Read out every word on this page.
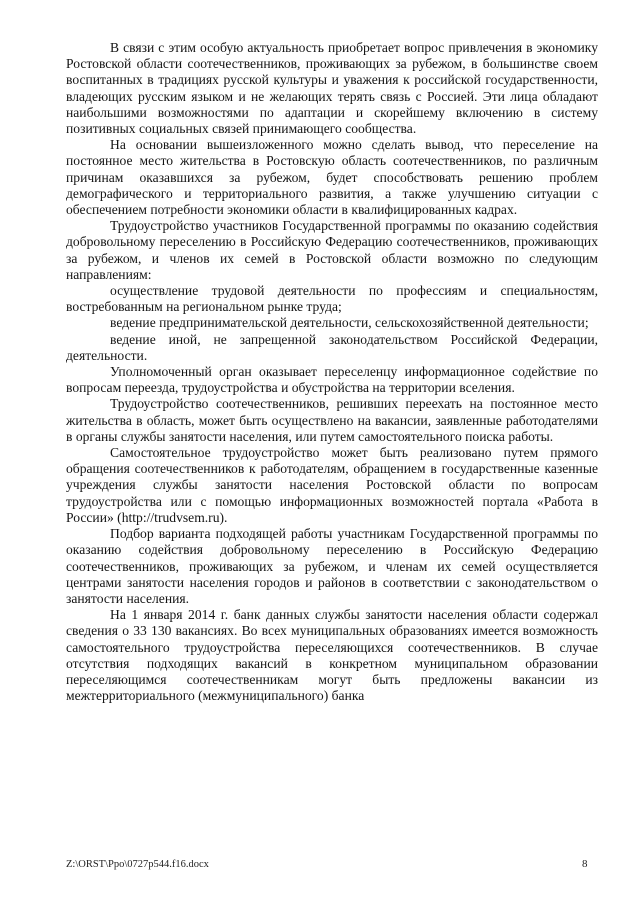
В связи с этим особую актуальность приобретает вопрос привлечения в экономику Ростовской области соотечественников, проживающих за рубежом, в большинстве своем воспитанных в традициях русской культуры и уважения к российской государственности, владеющих русским языком и не желающих терять связь с Россией. Эти лица обладают наибольшими возможностями по адаптации и скорейшему включению в систему позитивных социальных связей принимающего сообщества.

На основании вышеизложенного можно сделать вывод, что переселение на постоянное место жительства в Ростовскую область соотечественников, по различным причинам оказавшихся за рубежом, будет способствовать решению проблем демографического и территориального развития, а также улучшению ситуации с обеспечением потребности экономики области в квалифицированных кадрах.

Трудоустройство участников Государственной программы по оказанию содействия добровольному переселению в Российскую Федерацию соотечественников, проживающих за рубежом, и членов их семей в Ростовской области возможно по следующим направлениям:

осуществление трудовой деятельности по профессиям и специальностям, востребованным на региональном рынке труда;

ведение предпринимательской деятельности, сельскохозяйственной деятельности;

ведение иной, не запрещенной законодательством Российской Федерации, деятельности.

Уполномоченный орган оказывает переселенцу информационное содействие по вопросам переезда, трудоустройства и обустройства на территории вселения.

Трудоустройство соотечественников, решивших переехать на постоянное место жительства в область, может быть осуществлено на вакансии, заявленные работодателями в органы службы занятости населения, или путем самостоятельного поиска работы.

Самостоятельное трудоустройство может быть реализовано путем прямого обращения соотечественников к работодателям, обращением в государственные казенные учреждения службы занятости населения Ростовской области по вопросам трудоустройства или с помощью информационных возможностей портала «Работа в России» (http://trudvsem.ru).

Подбор варианта подходящей работы участникам Государственной программы по оказанию содействия добровольному переселению в Российскую Федерацию соотечественников, проживающих за рубежом, и членам их семей осуществляется центрами занятости населения городов и районов в соответствии с законодательством о занятости населения.

На 1 января 2014 г. банк данных службы занятости населения области содержал сведения о 33 130 вакансиях. Во всех муниципальных образованиях имеется возможность самостоятельного трудоустройства переселяющихся соотечественников. В случае отсутствия подходящих вакансий в конкретном муниципальном образовании переселяющимся соотечественникам могут быть предложены вакансии из межтерриториального (межмуниципального) банка

Z:\ORST\Ppo\0727p544.f16.docx	8
